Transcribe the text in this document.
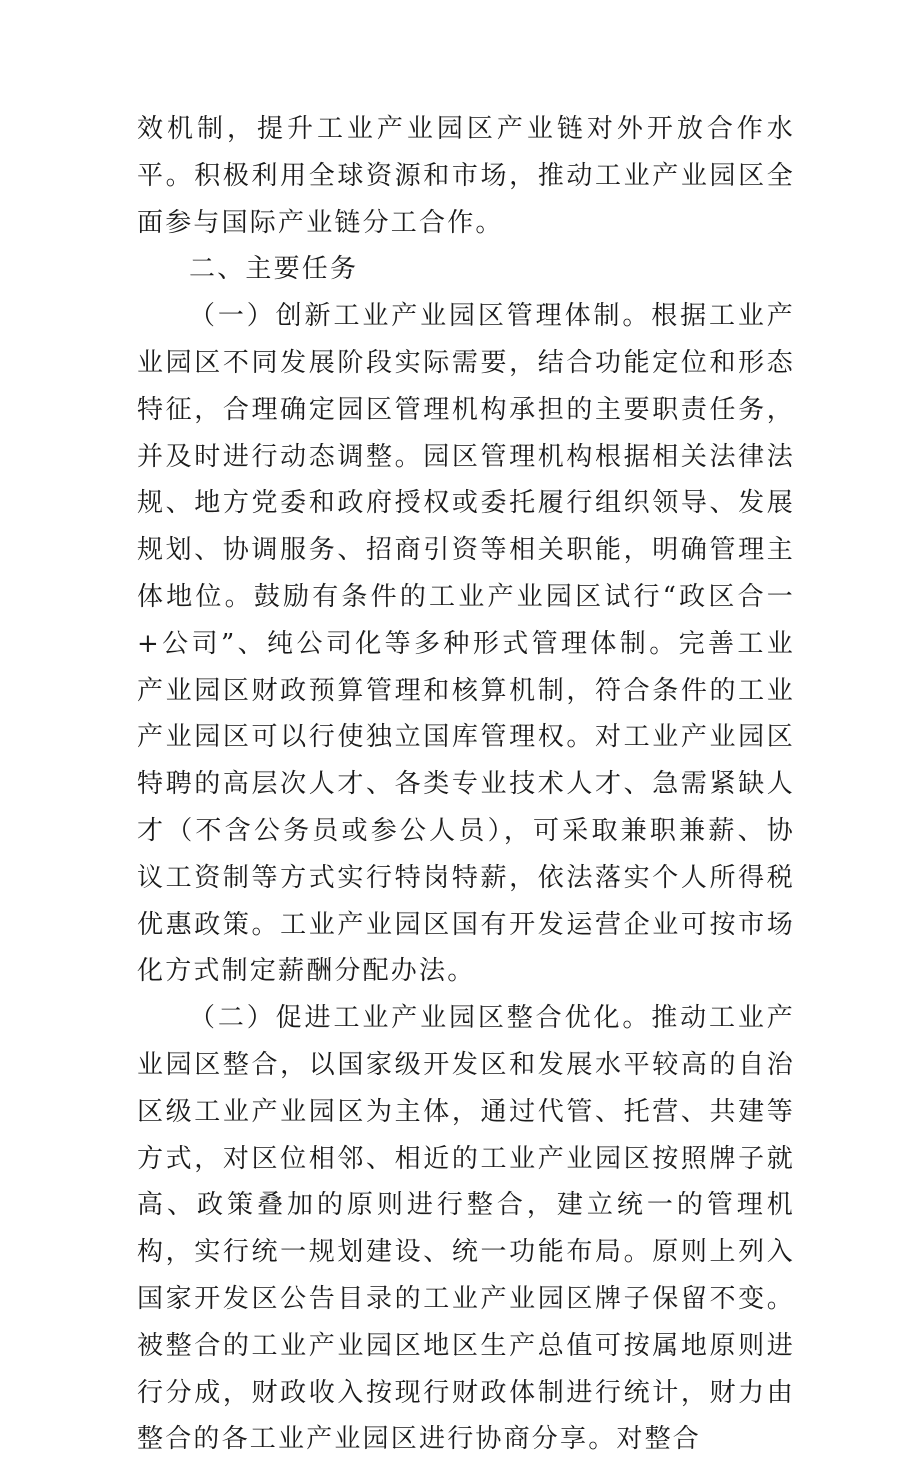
效机制，提升工业产业园区产业链对外开放合作水平。积极利用全球资源和市场，推动工业产业园区全面参与国际产业链分工合作。

二、主要任务

（一）创新工业产业园区管理体制。根据工业产业园区不同发展阶段实际需要，结合功能定位和形态特征，合理确定园区管理机构承担的主要职责任务，并及时进行动态调整。园区管理机构根据相关法律法规、地方党委和政府授权或委托履行组织领导、发展规划、协调服务、招商引资等相关职能，明确管理主体地位。鼓励有条件的工业产业园区试行“政区合一+公司”、纯公司化等多种形式管理体制。完善工业产业园区财政预算管理和核算机制，符合条件的工业产业园区可以行使独立国库管理权。对工业产业园区特聘的高层次人才、各类专业技术人才、急需紧缺人才（不含公务员或参公人员），可采取兼职兼薪、协议工资制等方式实行特岗特薪，依法落实个人所得税优惠政策。工业产业园区国有开发运营企业可按市场化方式制定薪酬分配办法。

（二）促进工业产业园区整合优化。推动工业产业园区整合，以国家级开发区和发展水平较高的自治区级工业产业园区为主体，通过代管、托营、共建等方式，对区位相邻、相近的工业产业园区按照牌子就高、政策叠加的原则进行整合，建立统一的管理机构，实行统一规划建设、统一功能布局。原则上列入国家开发区公告目录的工业产业园区牌子保留不变。被整合的工业产业园区地区生产总值可按属地原则进行分成，财政收入按现行财政体制进行统计，财力由整合的各工业产业园区进行协商分享。对整合
